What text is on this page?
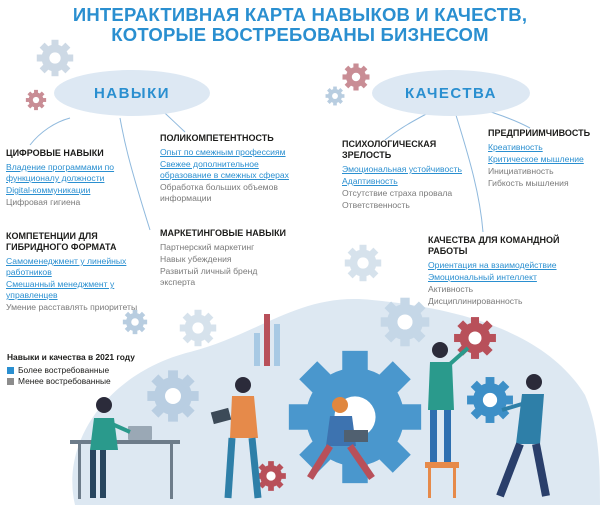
ИНТЕРАКТИВНАЯ КАРТА НАВЫКОВ И КАЧЕСТВ,
КОТОРЫЕ ВОСТРЕБОВАНЫ БИЗНЕСОМ
НАВЫКИ	КАЧЕСТВА
ЦИФРОВЫЕ НАВЫКИ
Владение программами по функционалу должности
Digital-коммуникации
Цифровая гигиена
КОМПЕТЕНЦИИ ДЛЯ ГИБРИДНОГО ФОРМАТА
Самоменеджмент у линейных работников
Смешанный менеджмент у управленцев
Умение расставлять приоритеты
ПОЛИКОМПЕТЕНТНОСТЬ
Опыт по смежным профессиям
Свежее дополнительное образование в смежных сферах
Обработка больших объемов информации
МАРКЕТИНГОВЫЕ НАВЫКИ
Партнерский маркетинг
Навык убеждения
Развитый личный бренд эксперта
ПСИХОЛОГИЧЕСКАЯ ЗРЕЛОСТЬ
Эмоциональная устойчивость
Адаптивность
Отсутствие страха провала
Ответственность
ПРЕДПРИИМЧИВОСТЬ
Креативность
Критическое мышление
Инициативность
Гибкость мышления
КАЧЕСТВА ДЛЯ КОМАНДНОЙ РАБОТЫ
Ориентация на взаимодействие
Эмоциональный интеллект
Активность
Дисциплинированность
Навыки и качества в 2021 году
Более востребованные
Менее востребованные
